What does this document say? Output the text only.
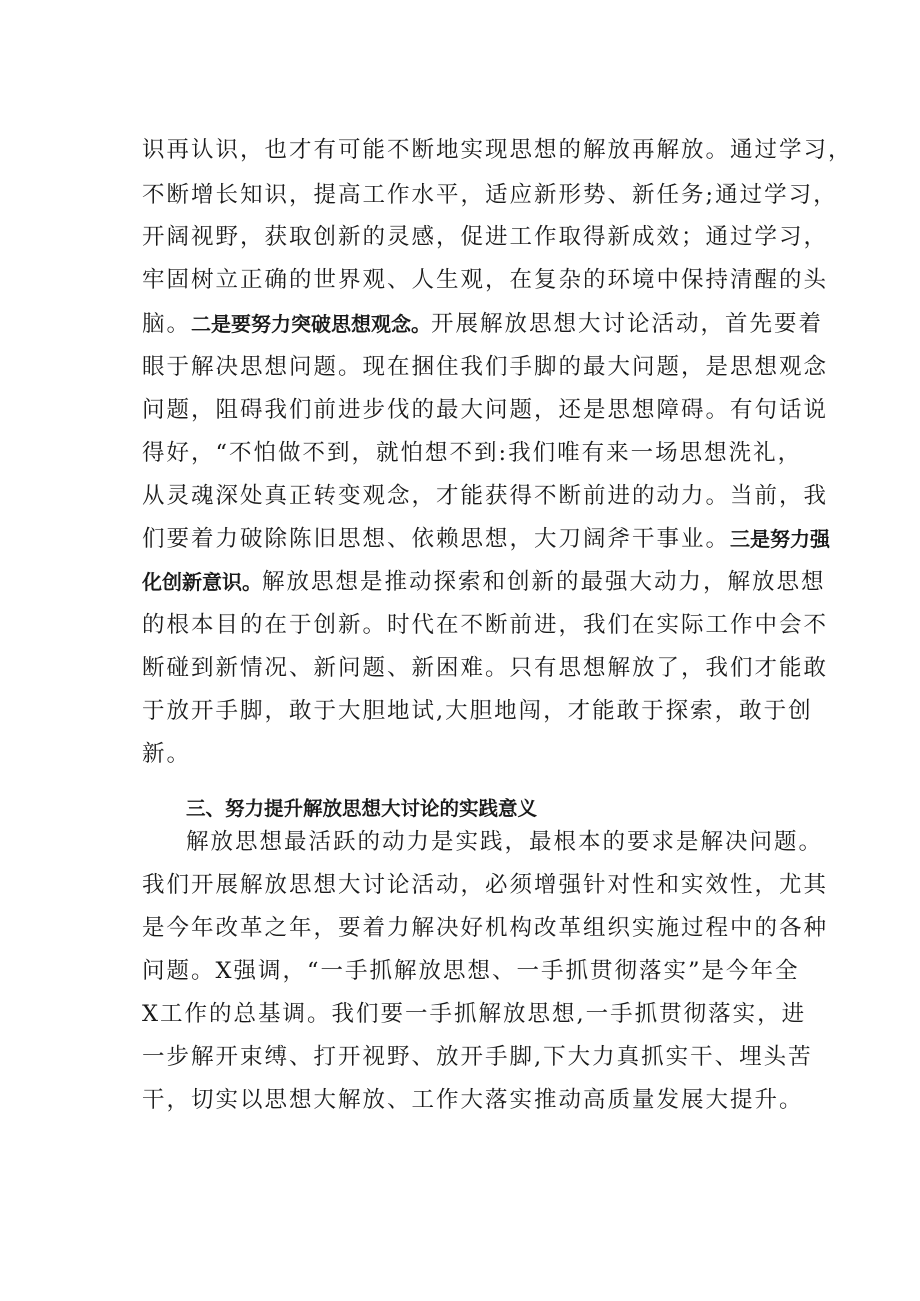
识再认识，也才有可能不断地实现思想的解放再解放。通过学习，
不断增长知识，提高工作水平，适应新形势、新任务;通过学习，
开阔视野，获取创新的灵感，促进工作取得新成效；通过学习，
牢固树立正确的世界观、人生观，在复杂的环境中保持清醒的头
脑。二是要努力突破思想观念。开展解放思想大讨论活动，首先要着
眼于解决思想问题。现在捆住我们手脚的最大问题，是思想观念
问题，阻碍我们前进步伐的最大问题，还是思想障碍。有句话说
得好，“不怕做不到，就怕想不到:我们唯有来一场思想洗礼，
从灵魂深处真正转变观念，才能获得不断前进的动力。当前，我
们要着力破除陈旧思想、依赖思想，大刀阔斧干事业。三是努力强
化创新意识。解放思想是推动探索和创新的最强大动力，解放思想
的根本目的在于创新。时代在不断前进，我们在实际工作中会不
断碰到新情况、新问题、新困难。只有思想解放了，我们才能敢
于放开手脚，敢于大胆地试,大胆地闯，才能敢于探索，敢于创
新。
三、努力提升解放思想大讨论的实践意义
解放思想最活跃的动力是实践，最根本的要求是解决问题。
我们开展解放思想大讨论活动，必须增强针对性和实效性，尤其
是今年改革之年，要着力解决好机构改革组织实施过程中的各种
问题。X强调，“一手抓解放思想、一手抓贯彻落实”是今年全
X工作的总基调。我们要一手抓解放思想,一手抓贯彻落实，进
一步解开束缚、打开视野、放开手脚,下大力真抓实干、埋头苦
干，切实以思想大解放、工作大落实推动高质量发展大提升。
